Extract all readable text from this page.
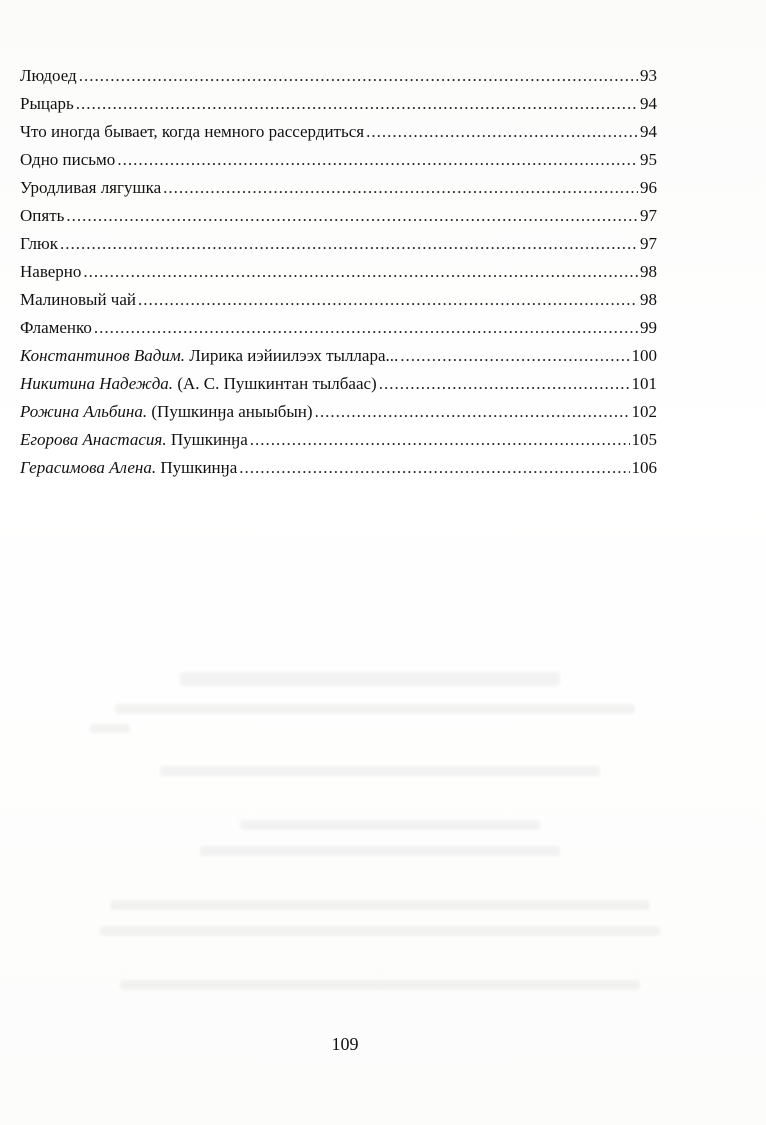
Людоед .....	93
Рыцарь .....	94
Что иногда бывает, когда немного рассердиться .....	94
Одно письмо .....	95
Уродливая лягушка .....	96
Опять .....	97
Глюк .....	97
Наверно .....	98
Малиновый чай .....	98
Фламенко .....	99
Константинов Вадим. Лирика иэйиилээх тыллара... .....	100
Никитина Надежда. (А. С. Пушкинтан тылбаас) .....	101
Рожина Альбина. (Пушкинӈа аныыбын) .....	102
Егорова Анастасия. Пушкинӈа .....	105
Герасимова Алена. Пушкинӈа .....	106
109
